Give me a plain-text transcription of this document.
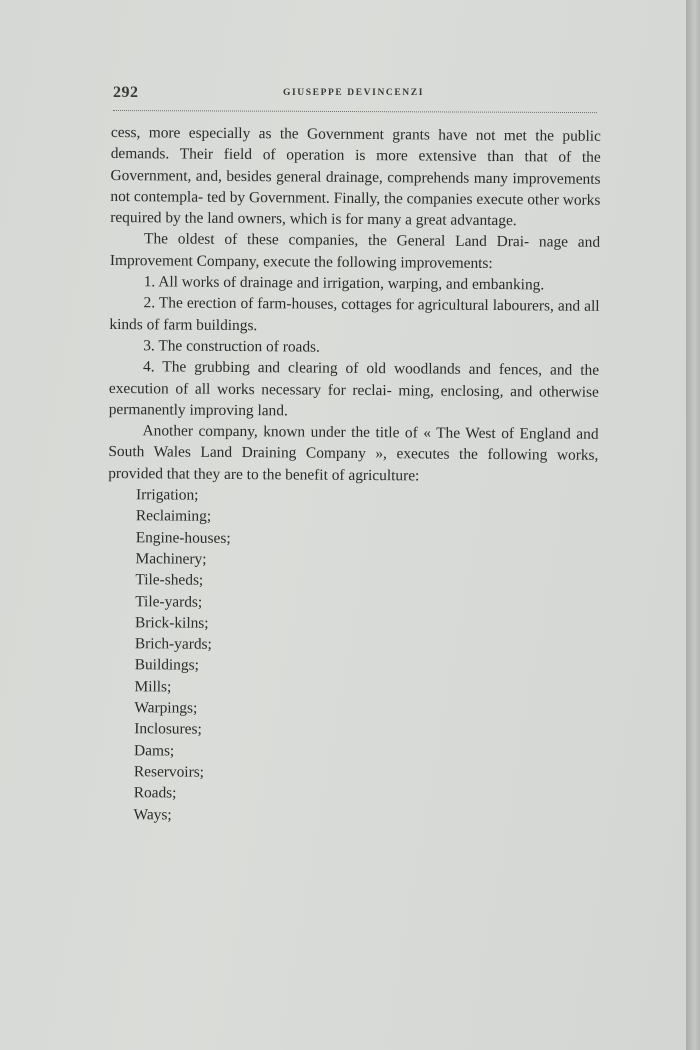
292	GIUSEPPE DEVINCENZI

cess, more especially as the Government grants have not met the public demands. Their field of operation is more extensive than that of the Government, and, besides general drainage, comprehends many improvements not contempla- ted by Government. Finally, the companies execute other works required by the land owners, which is for many a great advantage.

The oldest of these companies, the General Land Drai- nage and Improvement Company, execute the following improvements:

1. All works of drainage and irrigation, warping, and embanking.

2. The erection of farm-houses, cottages for agricultural labourers, and all kinds of farm buildings.

3. The construction of roads.

4. The grubbing and clearing of old woodlands and fences, and the execution of all works necessary for reclai- ming, enclosing, and otherwise permanently improving land.

Another company, known under the title of « The West of England and South Wales Land Draining Company », executes the following works, provided that they are to the benefit of agriculture:

Irrigation;
Reclaiming;
Engine-houses;
Machinery;
Tile-sheds;
Tile-yards;
Brick-kilns;
Brich-yards;
Buildings;
Mills;
Warpings;
Inclosures;
Dams;
Reservoirs;
Roads;
Ways;
